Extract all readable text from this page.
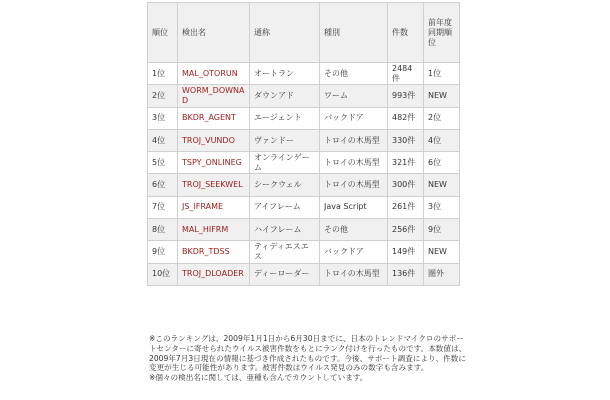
順位	検出名	通称	種別	件数	前年度同期順位
1位	MAL_OTORUN	オートラン	その他	2484件	1位
2位	WORM_DOWNAD	ダウンアド	ワーム	993件	NEW
3位	BKDR_AGENT	エージェント	バックドア	482件	2位
4位	TROJ_VUNDO	ヴァンドー	トロイの木馬型	330件	4位
5位	TSPY_ONLINEG	オンラインゲーム	トロイの木馬型	321件	6位
6位	TROJ_SEEKWEL	シークウェル	トロイの木馬型	300件	NEW
7位	JS_IFRAME	アイフレーム	Java Script	261件	3位
8位	MAL_HIFRM	ハイフレーム	その他	256件	9位
9位	BKDR_TDSS	ティディエスエス	バックドア	149件	NEW
10位	TROJ_DLOADER	ディーローダー	トロイの木馬型	136件	圏外

※このランキングは、2009年1月1日から6月30日までに、日本のトレンドマイクロのサポートセンターに寄せられたウイルス被害件数をもとにランク付けを行ったものです。本数値は、2009年7月3日現在の情報に基づき作成されたものです。今後、サポート調査により、件数に変更が生じる可能性があります。被害件数はウイルス発見のみの数字も含みます。

※個々の検出名に関しては、亜種も含んでカウントしています。
